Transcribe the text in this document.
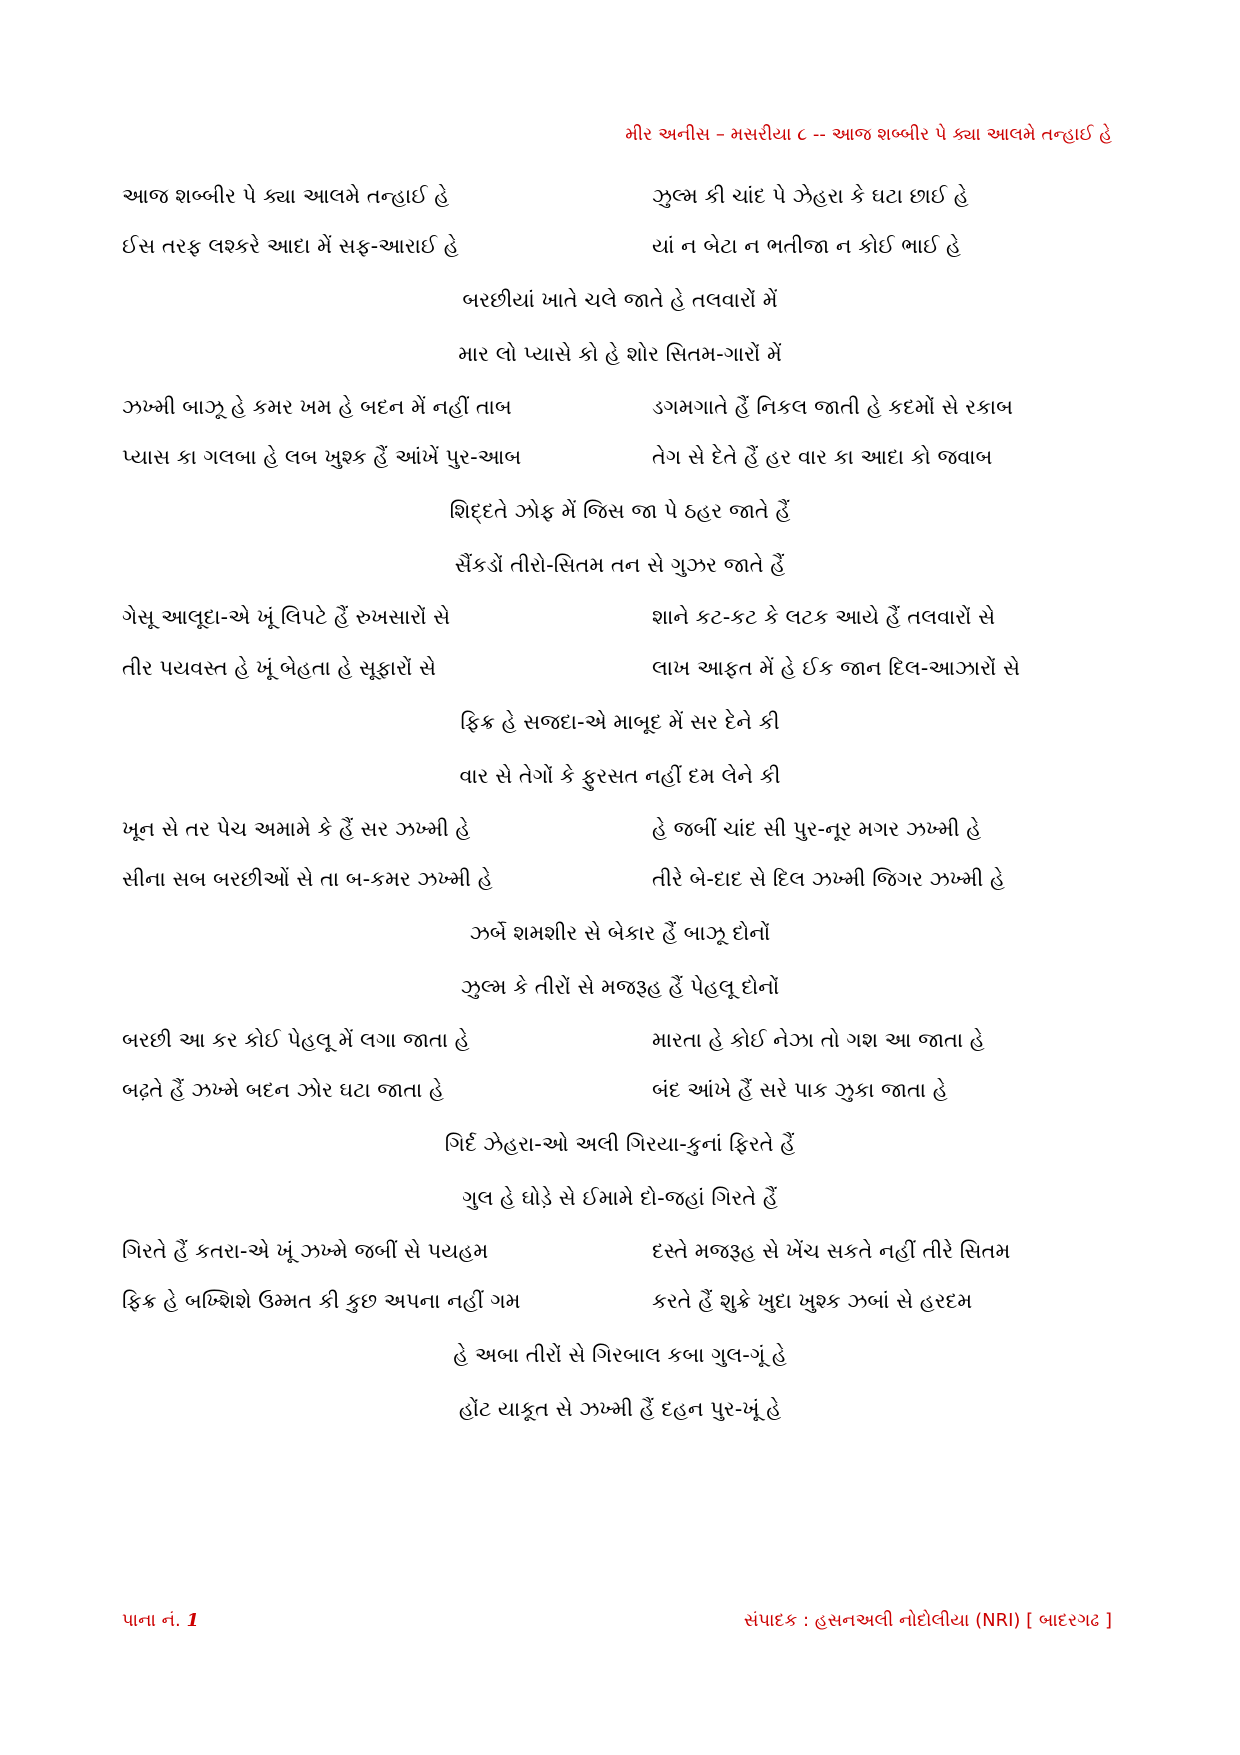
મીર અનીસ – મસરીયા ૮ -- આજ શબ્બીર પે ક્યા આલમે તન્હાઈ હે
આજ શબ્બીર પે ક્યા આલમે તન્હાઈ હે	ઝુલ્મ કી ચાંદ પે ઝેહરા કે ઘટા છાઈ હે
ઈસ તરફ લશ્કરે આદા મેં સફ-આરાઈ હે	યાં ન બેટા ન ભતીજા ન કોઈ ભાઈ હે
બરછીયાં ખાતે ચલે જાતે હે તલવારોં મેં
માર લો પ્યાસે કો હે શોર સિતમ-ગારોં મેં
ઝખ્મી બાઝૂ હે કમર ખમ હે બદન મેં નહીં તાબ	ડગમગાતે હૈં નિકલ જાતી હે કદમોં સે રકાબ
પ્યાસ કા ગલબા હે લબ ખુશ્ક હૈં આંખેં પુર-આબ	તેગ સે દેતે હૈં હર વાર કા આદા કો જવાબ
શિદ્દતે ઝોફ મેં જિસ જા પે ઠહર જાતે હૈં
સૈંકડોં તીરો-સિતમ તન સે ગુઝર જાતે હૈં
ગેસૂ આલૂદા-એ ખૂં લિપટે હૈં રુખસારોં સે	શાને કટ-કટ કે લટક આયે હૈં તલવારોં સે
તીર પયવસ્ત હે ખૂં બેહતા હે સૂફારોં સે	લાખ આફત મેં હે ઈક જાન દિલ-આઝારોં સે
ફિક્ર હે સજદા-એ માબૂદ મેં સર દેને કી
વાર સે તેગોં કે ફુરસત નહીં દમ લેને કી
ખૂન સે તર પેચ અમામે કે હૈં સર ઝખ્મી હે	હે જબીં ચાંદ સી પુર-નૂર મગર ઝખ્મી હે
સીના સબ બરછીઓં સે તા બ-કમર ઝખ્મી હે	તીરે બે-દાદ સે દિલ ઝખ્મી જિગર ઝખ્મી હે
ઝર્બે શમશીર સે બેકાર હૈં બાઝૂ દોનોં
ઝુલ્મ કે તીરોં સે મજરૂહ હૈં પેહલૂ દોનોં
બરછી આ કર કોઈ પેહલૂ મેં લગા જાતા હે	મારતા હે કોઈ નેઝા તો ગશ આ જાતા હે
બઢ઼તે હૈં ઝખ્મે બદન ઝોર ઘટા જાતા હે	બંદ આંખે હૈં સરે પાક ઝુકા જાતા હે
ગિર્દ ઝેહરા-ઓ અલી ગિરયા-કુનાં ફિરતે હૈં
ગુલ હે ઘોડ઼ે સે ઈમામે દો-જહાં ગિરતે હૈં
ગિરતે હૈં કતરા-એ ખૂં ઝખ્મે જબીં સે પયહમ	દસ્તે મજરૂહ સે ખેંચ સકતે નહીં તીરે સિતમ
ફિક્ર હે બખ્શિશે ઉમ્મત કી કુછ અપના નહીં ગમ	કરતે હૈં શુક્રે ખુદા ખુશ્ક ઝબાં સે હરદમ
હે અબા તીરોં સે ગિરબાલ કબા ગુલ-ગૂં હે
હોંટ યાકૂત સે ઝખ્મી હૈં દહન પુર-ખૂં હે
પાના નં. 1	સંપાદક : હસનઅલી નોદોલીયા (NRI) [ બાદરગઢ ]
